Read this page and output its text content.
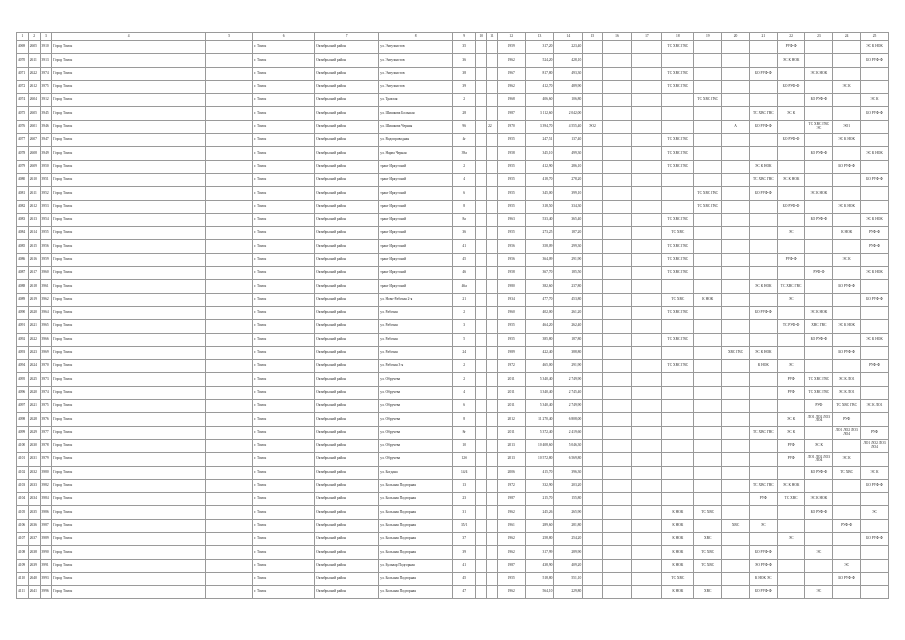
1	2	3	4	5	6	7	8	9	10	11	12	13	14	15	16	17	18	19	20	21	22	23	24	25
4069	2605	3910	Город Томск		г. Томск	Октябрьский район	ул. Энтузиастов	35			1959	317,20	223,40				ТС ХВС ГВС				РУФ-Ф			ЭС К НОК
4070	2611	3913	Город Томск		г. Томск	Октябрьский район	ул. Энтузиастов	36			1962	524,20	428,10								ЭС К НОК			БО РУФ-Ф
4071	2622	3974	Город Томск		г. Томск	Октябрьский район	ул. Энтузиастов	38			1967	817,80	493,30				ТС ХВС ГВС			БО РУФ-Ф		ЭС К НОК		
4072	2612	3975	Город Томск		г. Томск	Октябрьский район	ул. Энтузиастов	39			1962	412,70	489,90				ТС ХВС ГВС				БО РУФ-Ф		ЭС К	
4074	2604	3912	Город Томск		г. Томск	Октябрьский район	ул. Трактая	2			1968	406,60	106,80					ТС ХВС ГВС				БО РУФ-Ф		ЭС К
4075	2605	3945	Город Томск		г. Томск	Октябрьский район	ул. Шишкова Большая	28			1987	3 112,60	2 042,00							ТС ХВС ГВС	ЭС К			БО РУФ-Ф
4076	2601	3946	Город Томск		г. Томск	Октябрьский район	ул. Шишкова Черная	96		22	1970	3 394,70	4 555,40	ЭО2					А	БО РУФ-Ф		ТС ХВС ГВС ЭС	ЭО1	
4077	2607	3947	Город Томск		г. Томск	Октябрьский район	ул. Водопроводная	4г			1955	247,51	137,40				ТС ХВС ГВС				БО РУФ-Ф		ЭС К НОК	
4078	2608	3949	Город Томск		г. Томск	Октябрьский район	ул. Нарва Черная	39а			1958	345,10	499,30				ТС ХВС ГВС					БО РУФ-Ф		ЭС К НОК
4079	2609	3950	Город Томск		г. Томск	Октябрьский район	тракт Иркутский	2			1955	412,90	286,10				ТС ХВС ГВС			ЭС К НОК			БО РУФ-Ф	
4080	2610	3951	Город Томск		г. Томск	Октябрьский район	тракт Иркутский	4			1955	418,70	278,20							ТС ХВС ГВС	ЭС К НОК			БО РУФ-Ф
4081	2611	3952	Город Томск		г. Томск	Октябрьский район	тракт Иркутский	6			1955	345,00	399,10					ТС ХВС ГВС		БО РУФ-Ф		ЭС К НОК		
4082	2612	3953	Город Томск		г. Томск	Октябрьский район	тракт Иркутский	8			1955	318,50	334,30					ТС ХВС ГВС			БО РУФ-Ф		ЭС К НОК	
4083	2613	3954	Город Томск		г. Томск	Октябрьский район	тракт Иркутский	8а			1963	533,40	365,40				ТС ХВС ГВС					БО РУФ-Ф		ЭС К НОК
4084	2614	3955	Город Томск		г. Томск	Октябрьский район	тракт Иркутский	36			1955	273,25	187,20				ТС ХВС				ЭС		К НОК	РУФ-Ф
4085	2615	3956	Город Томск		г. Томск	Октябрьский район	тракт Иркутский	41			1956	358,09	299,30				ТС ХВС ГВС							РУФ-Ф
4086	2616	3959	Город Томск		г. Томск	Октябрьский район	тракт Иркутский	45			1956	364,09	291,90				ТС ХВС ГВС				РУФ-Ф		ЭС К	
4087	2617	3960	Город Томск		г. Томск	Октябрьский район	тракт Иркутский	46			1958	367,70	185,50				ТС ХВС ГВС					РУФ-Ф		ЭС К НОК
4088	2618	3961	Город Томск		г. Томск	Октябрьский район	тракт Иркутский	46а			1980	382,60	237,80							ЭС К НОК	ТС ХВС ГВС		БО РУФ-Ф	
4089	2619	3962	Город Томск		г. Томск	Октябрьский район	ул. Ново-Рабочая 2-я	21			1934	477,70	453,80				ТС ХВС	К НОК			ЭС			БО РУФ-Ф
4090	2620	3964	Город Томск		г. Томск	Октябрьский район	ул. Рабочая	2			1960	402,00	261,20				ТС ХВС ГВС			БО РУФ-Ф		ЭС К НОК		
4091	2621	3965	Город Томск		г. Томск	Октябрьский район	ул. Рабочая	3			1955	464,20	262,40								ТС РУФ-Ф	ХВС ГВС	ЭС К НОК	
4092	2622	3966	Город Томск		г. Томск	Октябрьский район	ул. Рабочая	5			1955	385,80	187,80				ТС ХВС ГВС					БО РУФ-Ф		ЭС К НОК
4093	2623	3969	Город Томск		г. Томск	Октябрьский район	ул. Рабочая	24			1989	422,40	388,80						ХВС ГВС	ЭС К НОК			БО РУФ-Ф	
4094	2624	3970	Город Томск		г. Томск	Октябрьский район	ул. Рабочая 3-я	2			1972	465,00	291,90				ТС ХВС ГВС			К НОК	ЭС			РУФ-Ф
4095	2625	3973	Город Томск		г. Томск	Октябрьский район	ул. Обручева	2			2011	5 340,40	2 749,90								РУФ	ТС ХВС ГВС	ЭС К ЛО1	
4096	2620	3974	Город Томск		г. Томск	Октябрьский район	ул. Обручева	4			2011	3 340,40	2 745,40								РУФ	ТС ХВС ГВС	ЭС К ЛО1	
4097	2621	3975	Город Томск		г. Томск	Октябрьский район	ул. Обручева	6			2011	5 340,40	2 749,90									РУФ	ТС ХВС ГВС	ЭС К ЛО1
4098	2628	3976	Город Томск		г. Томск	Октябрьский район	ул. Обручева	8			2012	11 270,40	6 808,00								ЭС К	ЛО1 ЛО2 ЛО3 ЛО4	РУФ	
4099	2629	3977	Город Томск		г. Томск	Октябрьский район	ул. Обручева	8г			2011	5 372,40	2 419,60							ТС ХВС ГВС	ЭС К		ЛО1 ЛО2 ЛО3 ЛО4	РУФ
4100	2630	3978	Город Томск		г. Томск	Октябрьский район	ул. Обручева	10			2013	10 408,60	5 046,30								РУФ	ЭС К		ЛО1 ЛО2 ЛО3 ЛО4
4101	2631	3979	Город Томск		г. Томск	Октябрьский район	ул. Обручева	12б			2013	10 572,80	6 569,80								РУФ	ЛО1 ЛО2 ЛО3 ЛО4	ЭС К	
4102	2632	3980	Город Томск		г. Томск	Октябрьский район	ул. Богдана	14/4			2006	415,70	396,30									БО РУФ-Ф	ТС ХВС	ЭС К
4103	2633	3982	Город Томск		г. Томск	Октябрьский район	ул. Большая Подгорная	13			1972	332,90	203,20							ТС ХВС ГВС	ЭС К НОК			БО РУФ-Ф
4104	2634	3984	Город Томск		г. Томск	Октябрьский район	ул. Большая Подгорная	23			1987	215,70	155,80							РУФ	ТС ХВС	ЭС К НОК		
4105	2635	3986	Город Томск		г. Томск	Октябрьский район	ул. Большая Подгорная	31			1962	245,26	265,90				К НОК	ТС ХВС				БО РУФ-Ф		ЭС
4106	2636	3987	Город Томск		г. Томск	Октябрьский район	ул. Большая Подгорная	35/1			1961	289,60	281,80				К НОК		ХВС	ЭС			РУФ-Ф	
4107	2637	3989	Город Томск		г. Томск	Октябрьский район	ул. Большая Подгорная	37			1962	258,80	254,20				К НОК	ХВС			ЭС			БО РУФ-Ф
4108	2638	3990	Город Томск		г. Томск	Октябрьский район	ул. Большая Подгорная	39			1962	317,99	289,90				К НОК	ТС ХВС		БО РУФ-Ф		ЭС		
4109	2639	3991	Город Томск		г. Томск	Октябрьский район	ул. Бульвар Подгорная	41			1987	438,90	409,20				К НОК	ТС ХВС		ЭО РУФ-Ф			ЭС	
4110	2640	3993	Город Томск		г. Томск	Октябрьский район	ул. Большая Подгорная	45			1955	518,80	551,10				ТС ХВС			К НОК ЭС			БО РУФ-Ф	
4111	2641	3996	Город Томск		г. Томск	Октябрьский район	ул. Большая Подгорная	47			1962	564,10	229,80				К НОК	ХВС		БО РУФ-Ф		ЭС		
